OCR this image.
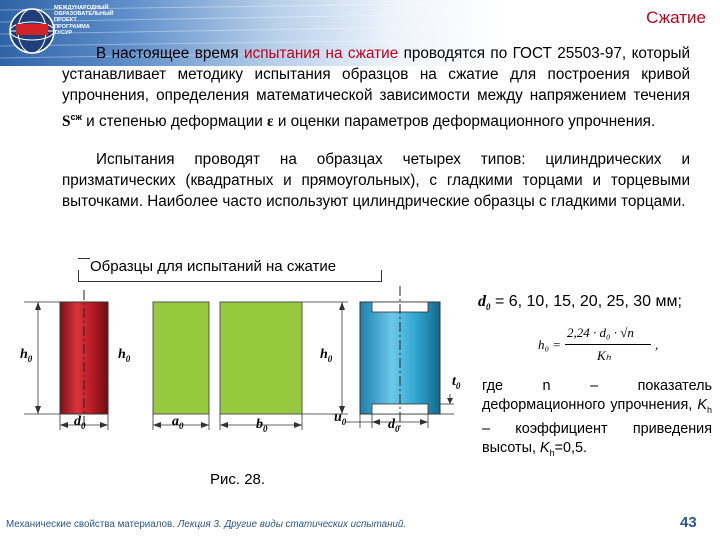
МЕЖДУНАРОДНЫЙ
ОБРАЗОВАТЕЛЬНЫЙ
ПРОЕКТ
ПРОГРАММА
ТУСУР
Сжатие
В настоящее время испытания на сжатие проводятся по ГОСТ 25503-97, который устанавливает методику испытания образцов на сжатие для построения кривой упрочнения, определения математической зависимости между напряжением течения $S^{сж}$ и степенью деформации ε и оценки параметров деформационного упрочнения.
Испытания проводят на образцах четырех типов: цилиндрических и призматических (квадратных и прямоугольных), с гладкими торцами и торцевыми выточками. Наиболее часто используют цилиндрические образцы с гладкими торцами.
Образцы для испытаний на сжатие
$h_0$	$h_0$	$h_0$
$d_0$	$a_0$	$b_0$
$u_0$	$d_0$
$t_0$
Рис. 28.
$d_0 = 6$, 10, 15, 20, 25, 30 мм;
h₀ =
2,24 · d₀ · √n
Kₕ
,
где n – показатель деформационного упрочнения, $K_h$ – коэффициент приведения высоты, $K_h=0,5$.
Механические свойства материалов. Лекция 3. Другие виды статических испытаний.	43
